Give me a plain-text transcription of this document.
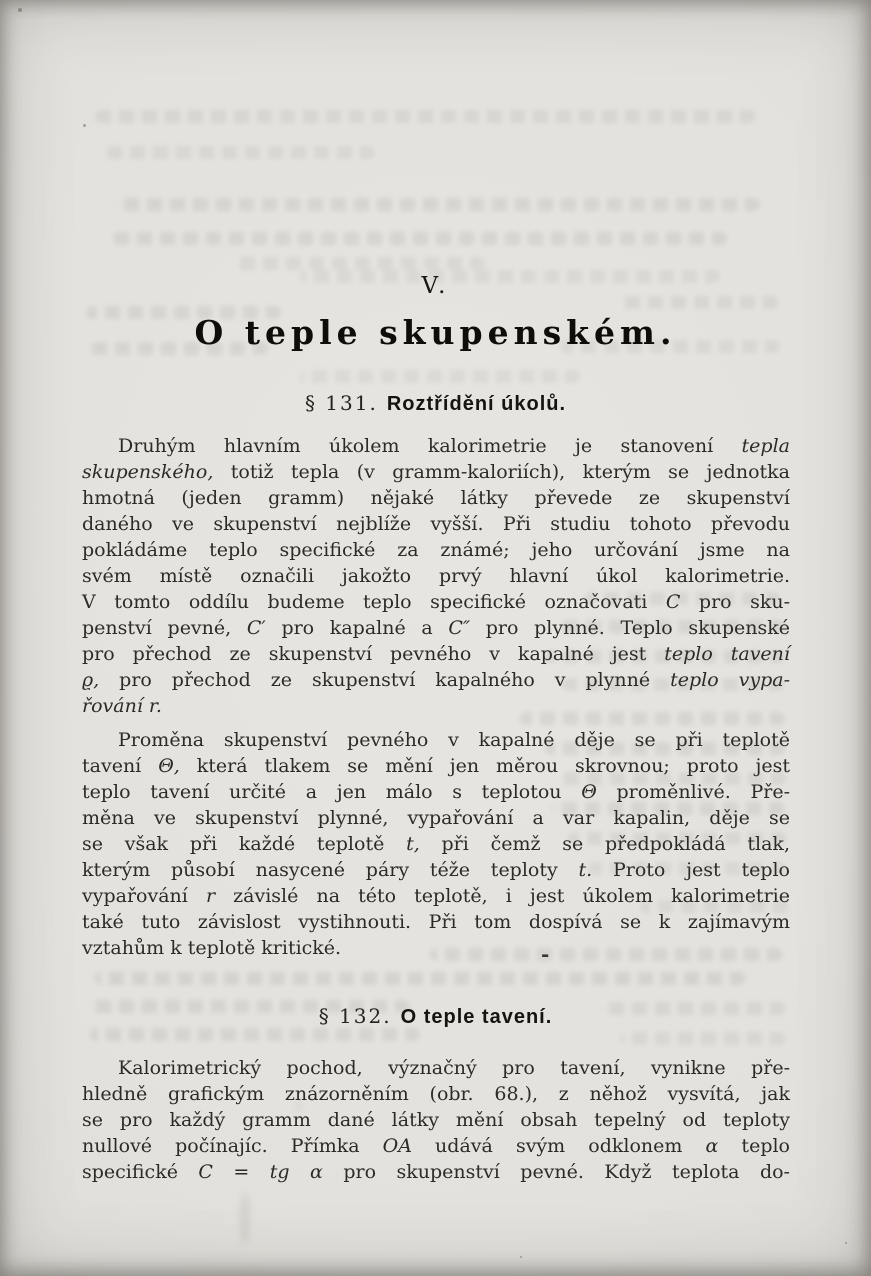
V.
O teple skupenském.
§ 131. Roztřídění úkolů.
Druhým hlavním úkolem kalorimetrie je stanovení tepla
skupenského, totiž tepla (v gramm-kaloriích), kterým se jednotka
hmotná (jeden gramm) nějaké látky převede ze skupenství
daného ve skupenství nejblíže vyšší. Při studiu tohoto převodu
pokládáme teplo specifické za známé; jeho určování jsme na
svém místě označili jakožto prvý hlavní úkol kalorimetrie.
V tomto oddílu budeme teplo specifické označovati C pro sku-
penství pevné, C′ pro kapalné a C″ pro plynné. Teplo skupenské
pro přechod ze skupenství pevného v kapalné jest teplo tavení
ϱ, pro přechod ze skupenství kapalného v plynné teplo vypa-
řování r.
Proměna skupenství pevného v kapalné děje se při teplotě
tavení Θ, která tlakem se mění jen měrou skrovnou; proto jest
teplo tavení určité a jen málo s teplotou Θ proměnlivé. Pře-
měna ve skupenství plynné, vypařování a var kapalin, děje se
se však při každé teplotě t, při čemž se předpokládá tlak,
kterým působí nasycené páry téže teploty t. Proto jest teplo
vypařování r závislé na této teplotě, i jest úkolem kalorimetrie
také tuto závislost vystihnouti. Při tom dospívá se k zajímavým
vztahům k teplotě kritické.	-
§ 132. O teple tavení.
Kalorimetrický pochod, význačný pro tavení, vynikne pře-
hledně grafickým znázorněním (obr. 68.), z něhož vysvítá, jak
se pro každý gramm dané látky mění obsah tepelný od teploty
nullové počínajíc. Přímka OA udává svým odklonem α teplo
specifické C = tg α pro skupenství pevné. Když teplota do-
